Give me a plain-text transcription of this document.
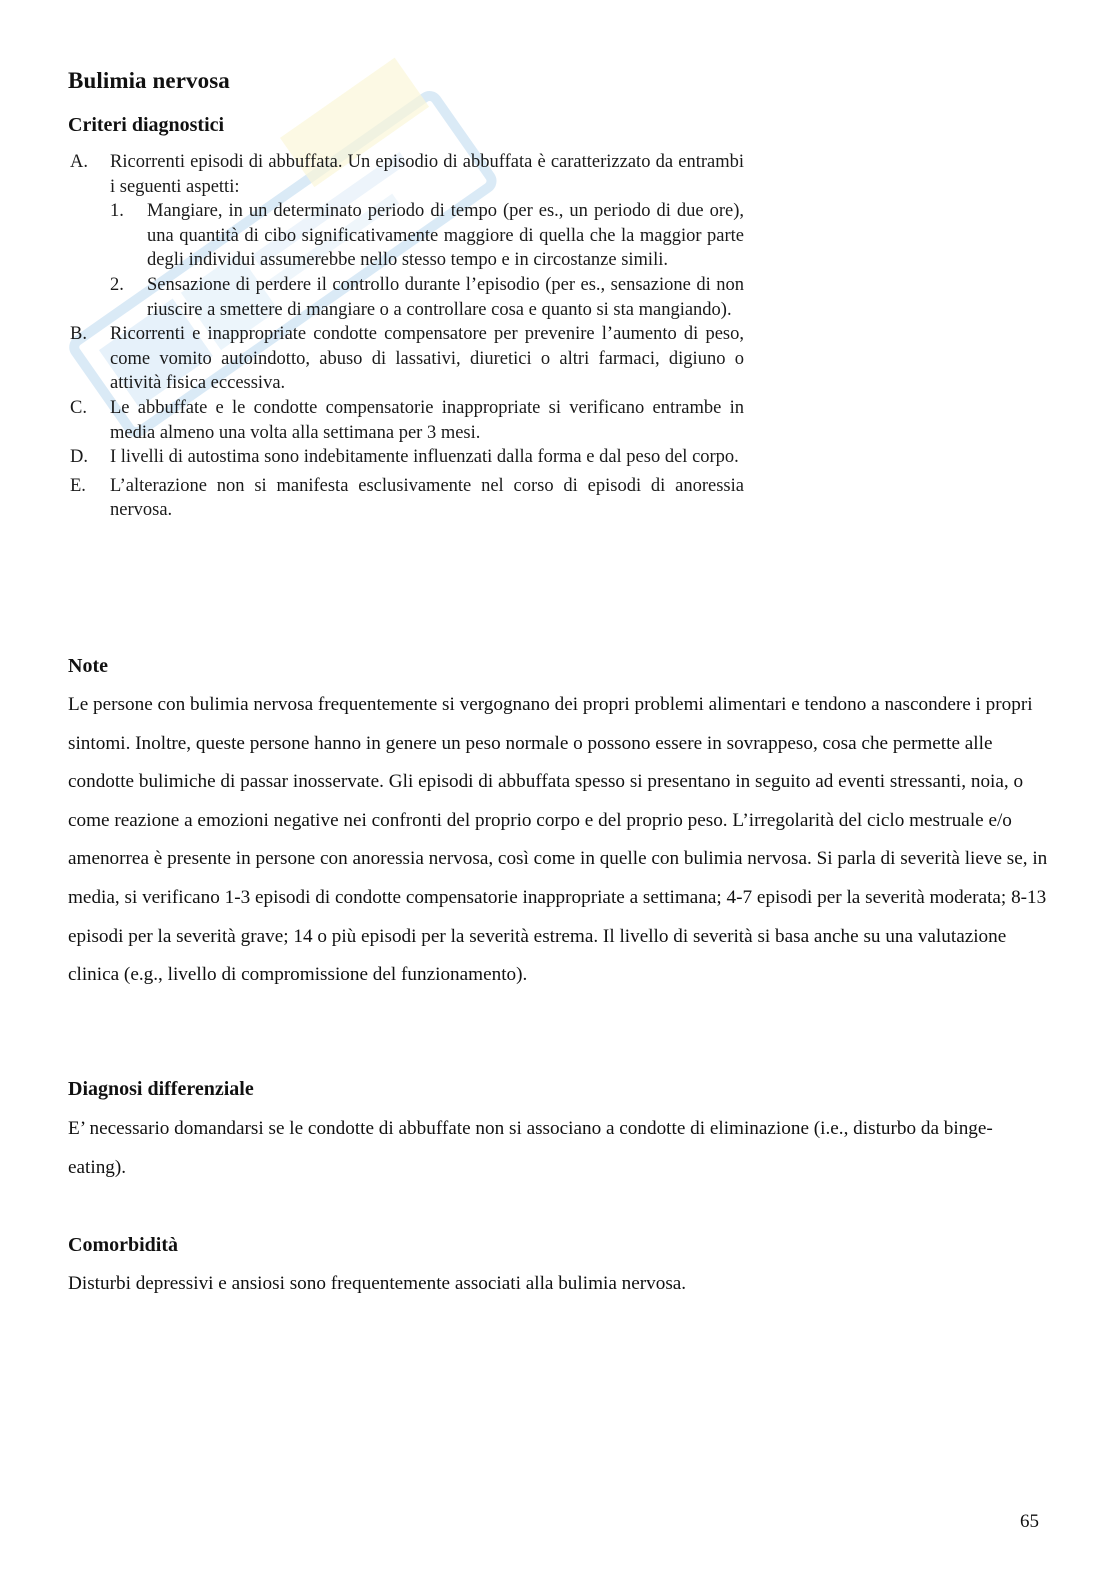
Bulimia nervosa
Criteri diagnostici
A. Ricorrenti episodi di abbuffata. Un episodio di abbuffata è caratterizzato da entrambi i seguenti aspetti:
1. Mangiare, in un determinato periodo di tempo (per es., un periodo di due ore), una quantità di cibo significativamente maggiore di quella che la maggior parte degli individui assumerebbe nello stesso tempo e in circostanze simili.
2. Sensazione di perdere il controllo durante l’episodio (per es., sensazione di non riuscire a smettere di mangiare o a controllare cosa e quanto si sta mangiando).
B. Ricorrenti e inappropriate condotte compensatore per prevenire l’aumento di peso, come vomito autoindotto, abuso di lassativi, diuretici o altri farmaci, digiuno o attività fisica eccessiva.
C. Le abbuffate e le condotte compensatorie inappropriate si verificano entrambe in media almeno una volta alla settimana per 3 mesi.
D. I livelli di autostima sono indebitamente influenzati dalla forma e dal peso del corpo.
E. L’alterazione non si manifesta esclusivamente nel corso di episodi di anoressia nervosa.
Note
Le persone con bulimia nervosa frequentemente si vergognano dei propri problemi alimentari e tendono a nascondere i propri sintomi. Inoltre, queste persone hanno in genere un peso normale o possono essere in sovrappeso, cosa che permette alle condotte bulimiche di passar inosservate. Gli episodi di abbuffata spesso si presentano in seguito ad eventi stressanti, noia, o come reazione a emozioni negative nei confronti del proprio corpo e del proprio peso. L’irregolarità del ciclo mestruale e/o amenorrea è presente in persone con anoressia nervosa, così come in quelle con bulimia nervosa. Si parla di severità lieve se, in media, si verificano 1-3 episodi di condotte compensatorie inappropriate a settimana; 4-7 episodi per la severità moderata; 8-13 episodi per la severità grave; 14 o più episodi per la severità estrema. Il livello di severità si basa anche su una valutazione clinica (e.g., livello di compromissione del funzionamento).
Diagnosi differenziale
E’ necessario domandarsi se le condotte di abbuffate non si associano a condotte di eliminazione (i.e., disturbo da binge-eating).
Comorbidità
Disturbi depressivi e ansiosi sono frequentemente associati alla bulimia nervosa.
65
